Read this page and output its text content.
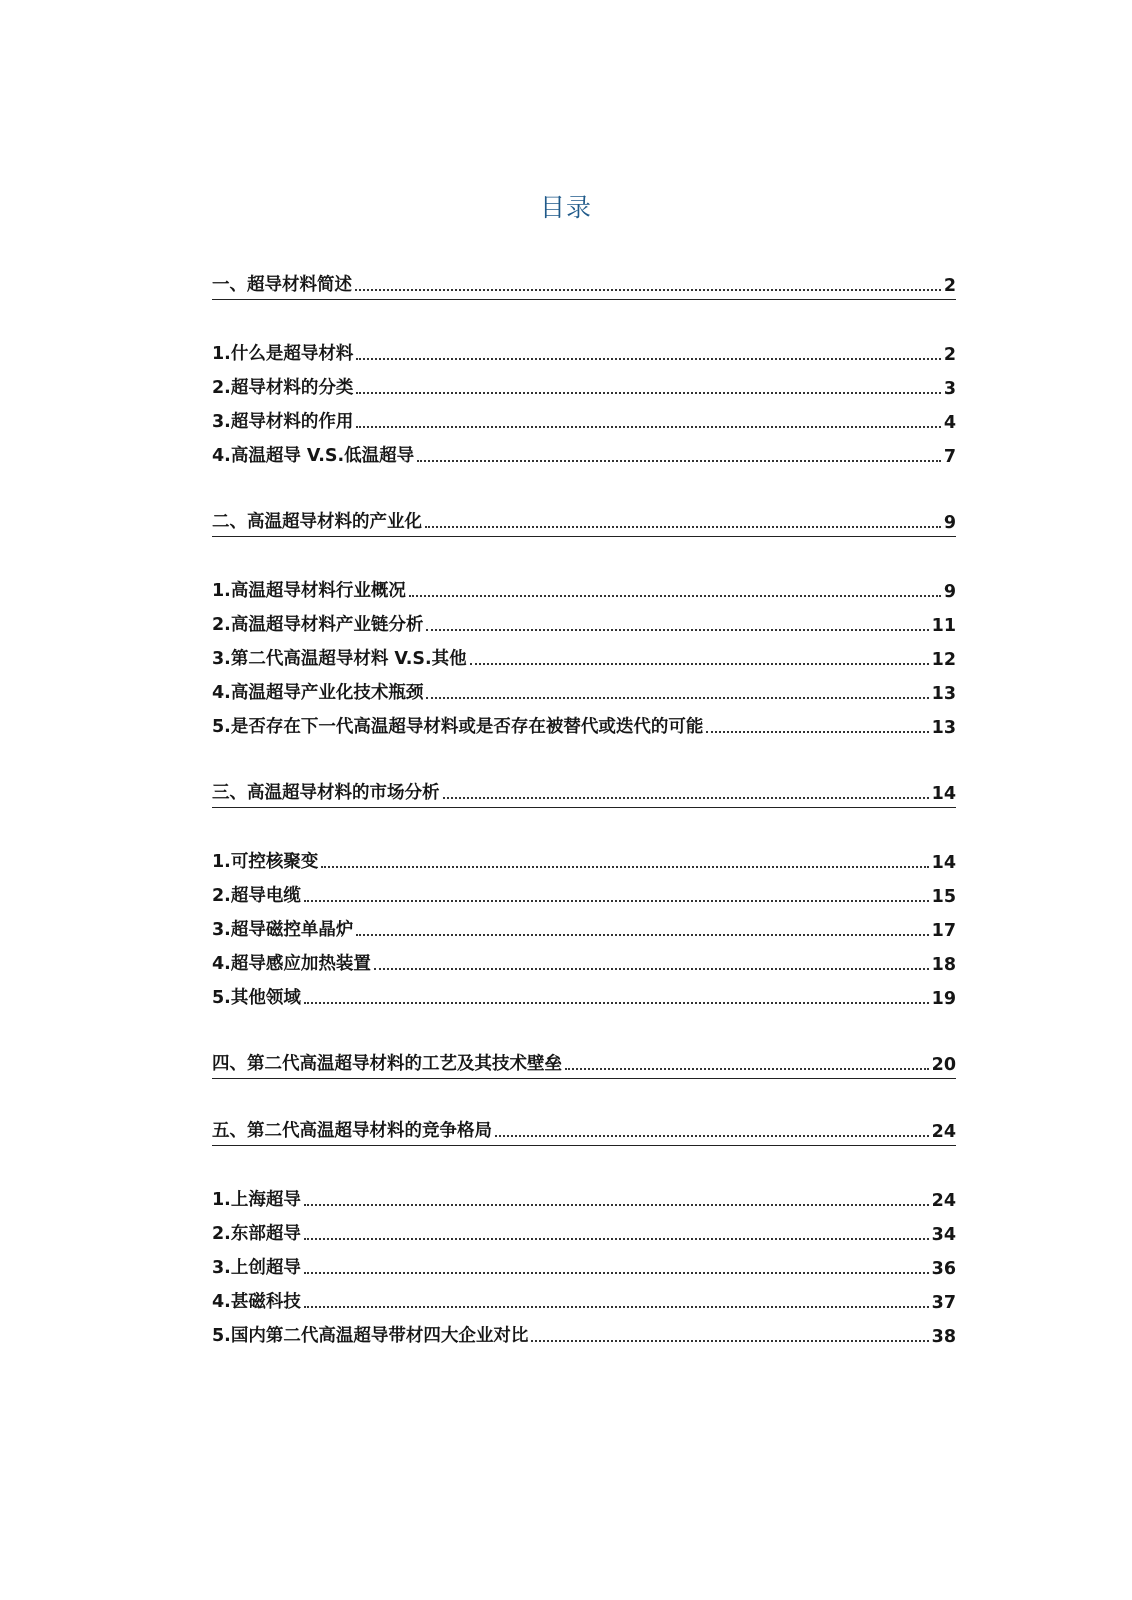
目录
一、超导材料简述	2
1.什么是超导材料	2
2.超导材料的分类	3
3.超导材料的作用	4
4.高温超导 V.S.低温超导	7
二、高温超导材料的产业化	9
1.高温超导材料行业概况	9
2.高温超导材料产业链分析	11
3.第二代高温超导材料 V.S.其他	12
4.高温超导产业化技术瓶颈	13
5.是否存在下一代高温超导材料或是否存在被替代或迭代的可能	13
三、高温超导材料的市场分析	14
1.可控核聚变	14
2.超导电缆	15
3.超导磁控单晶炉	17
4.超导感应加热装置	18
5.其他领域	19
四、第二代高温超导材料的工艺及其技术壁垒	20
五、第二代高温超导材料的竞争格局	24
1.上海超导	24
2.东部超导	34
3.上创超导	36
4.甚磁科技	37
5.国内第二代高温超导带材四大企业对比	38
